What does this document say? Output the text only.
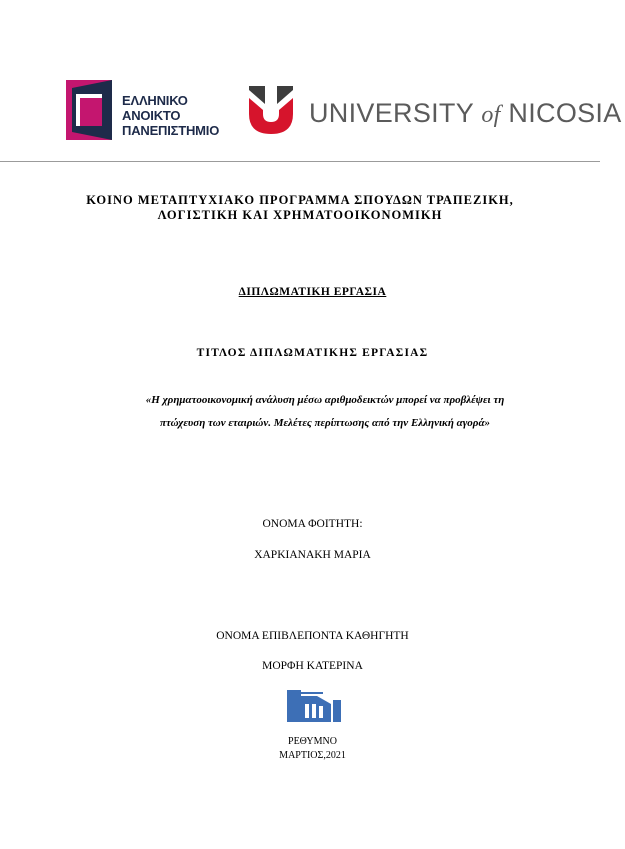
ΕΛΛΗΝΙΚΟ
ΑΝΟΙΚΤΟ
ΠΑΝΕΠΙΣΤΗΜΙΟ
UNIVERSITY of NICOSIA
ΚΟΙΝΟ ΜΕΤΑΠΤΥΧΙΑΚΟ ΠΡΟΓΡΑΜΜΑ ΣΠΟΥΔΩΝ ΤΡΑΠΕΖΙΚΗ,
ΛΟΓΙΣΤΙΚΗ ΚΑΙ ΧΡΗΜΑΤΟΟΙΚΟΝΟΜΙΚΗ
ΔΙΠΛΩΜΑΤΙΚΗ ΕΡΓΑΣΙΑ
ΤΙΤΛΟΣ ΔΙΠΛΩΜΑΤΙΚΗΣ ΕΡΓΑΣΙΑΣ
«Η χρηματοοικονομική ανάλυση μέσω αριθμοδεικτών μπορεί να προβλέψει τη
πτώχευση των εταιριών. Μελέτες περίπτωσης από την Ελληνική αγορά»
ΟΝΟΜΑ ΦΟΙΤΗΤΗ:
ΧΑΡΚΙΑΝΑΚΗ ΜΑΡΙΑ
ΟΝΟΜΑ ΕΠΙΒΛΕΠΟΝΤΑ ΚΑΘΗΓΗΤΗ
ΜΟΡΦΗ ΚΑΤΕΡΙΝΑ
ΡΕΘΥΜΝΟ
ΜΑΡΤΙΟΣ,2021
